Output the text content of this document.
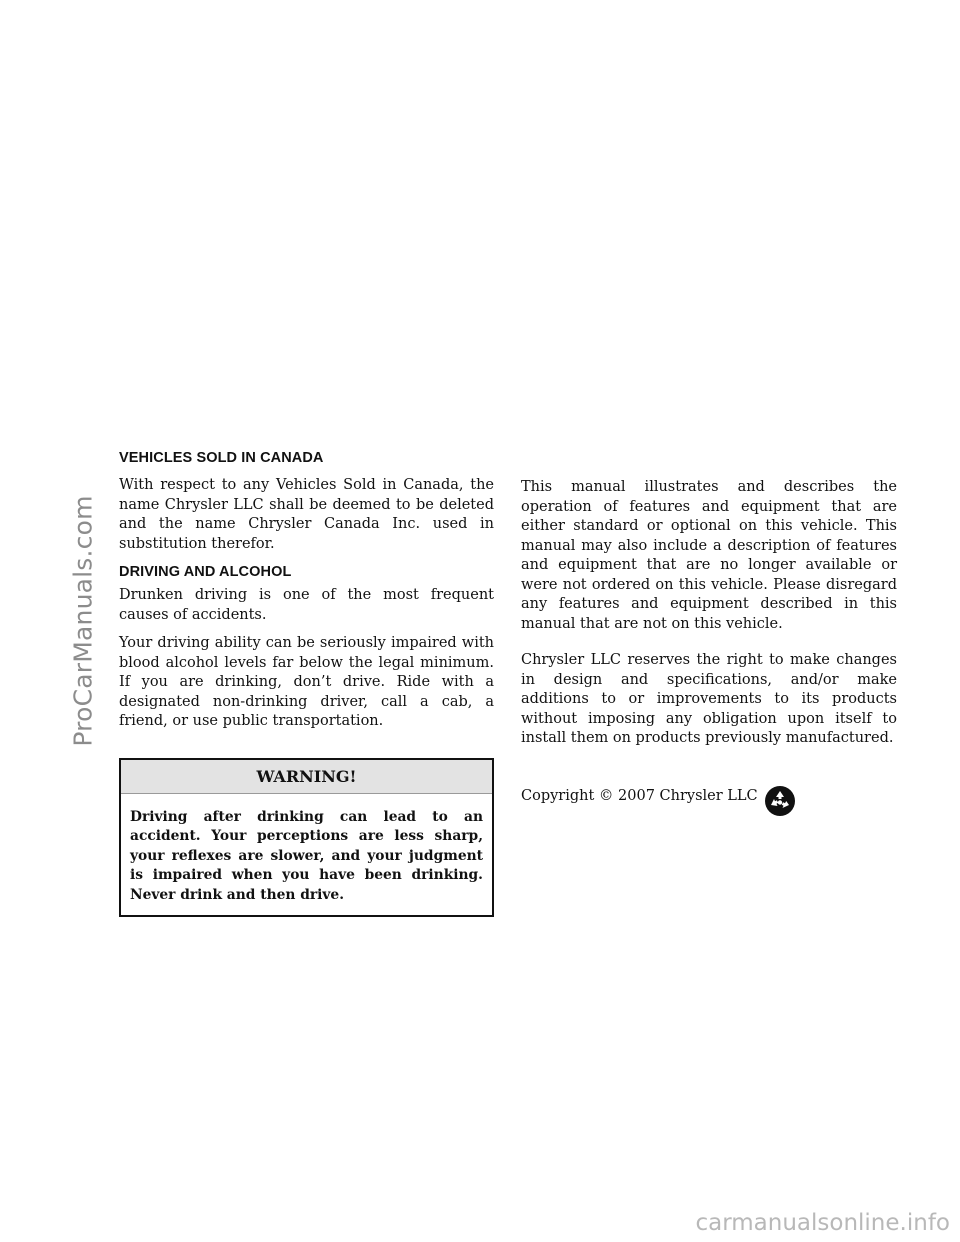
ProCarManuals.com
carmanualsonline.info
VEHICLES SOLD IN CANADA

With respect to any Vehicles Sold in Canada, the name Chrysler LLC shall be deemed to be deleted and the name Chrysler Canada Inc. used in substitution therefor.

DRIVING AND ALCOHOL

Drunken driving is one of the most frequent causes of accidents.

Your driving ability can be seriously impaired with blood alcohol levels far below the legal minimum. If you are drinking, don’t drive. Ride with a designated non-drinking driver, call a cab, a friend, or use public transportation.

WARNING!
Driving after drinking can lead to an accident. Your perceptions are less sharp, your reflexes are slower, and your judgment is impaired when you have been drinking. Never drink and then drive.

This manual illustrates and describes the operation of features and equipment that are either standard or optional on this vehicle. This manual may also include a description of features and equipment that are no longer available or were not ordered on this vehicle. Please disregard any features and equipment described in this manual that are not on this vehicle.

Chrysler LLC reserves the right to make changes in design and specifications, and/or make additions to or improvements to its products without imposing any obligation upon itself to install them on products previously manufactured.

Copyright © 2007 Chrysler LLC
